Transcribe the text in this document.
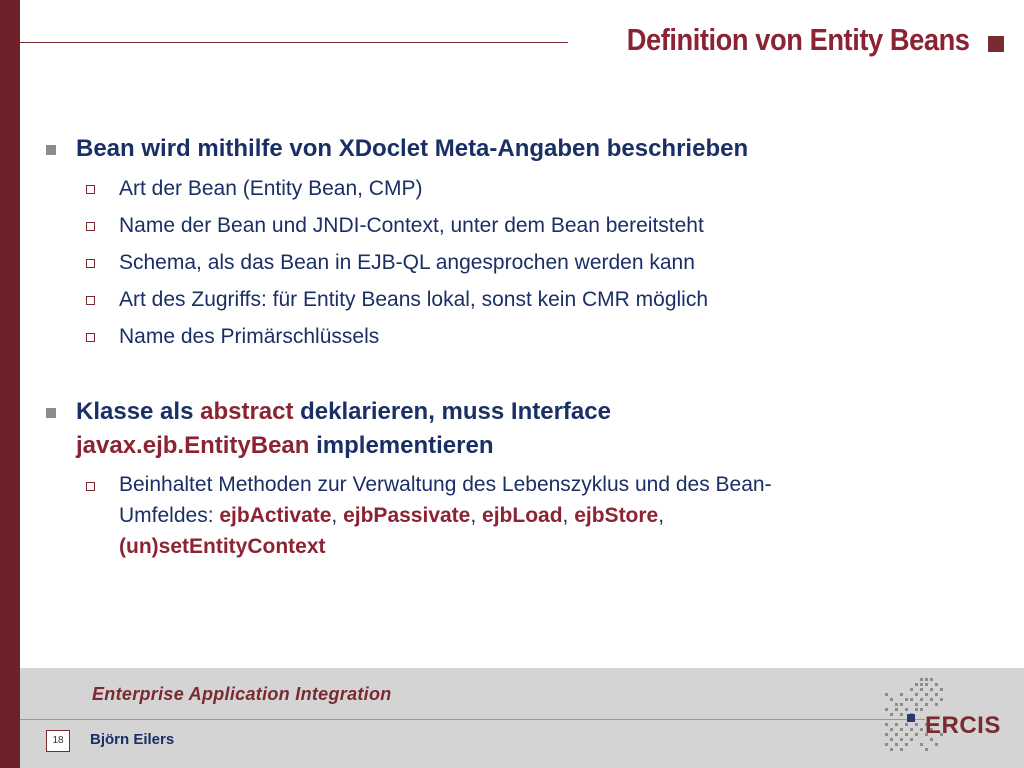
Definition von Entity Beans
Bean wird mithilfe von XDoclet Meta-Angaben beschrieben
Art der Bean (Entity Bean, CMP)
Name der Bean und JNDI-Context, unter dem Bean bereitsteht
Schema, als das Bean in EJB-QL angesprochen werden kann
Art des Zugriffs: für Entity Beans lokal, sonst kein CMR möglich
Name des Primärschlüssels
Klasse als abstract deklarieren, muss Interface
javax.ejb.EntityBean implementieren
Beinhaltet Methoden zur Verwaltung des Lebenszyklus und des Bean-
Umfeldes: ejbActivate, ejbPassivate, ejbLoad, ejbStore,
(un)setEntityContext
Enterprise Application Integration
18	Björn Eilers
ERCIS
